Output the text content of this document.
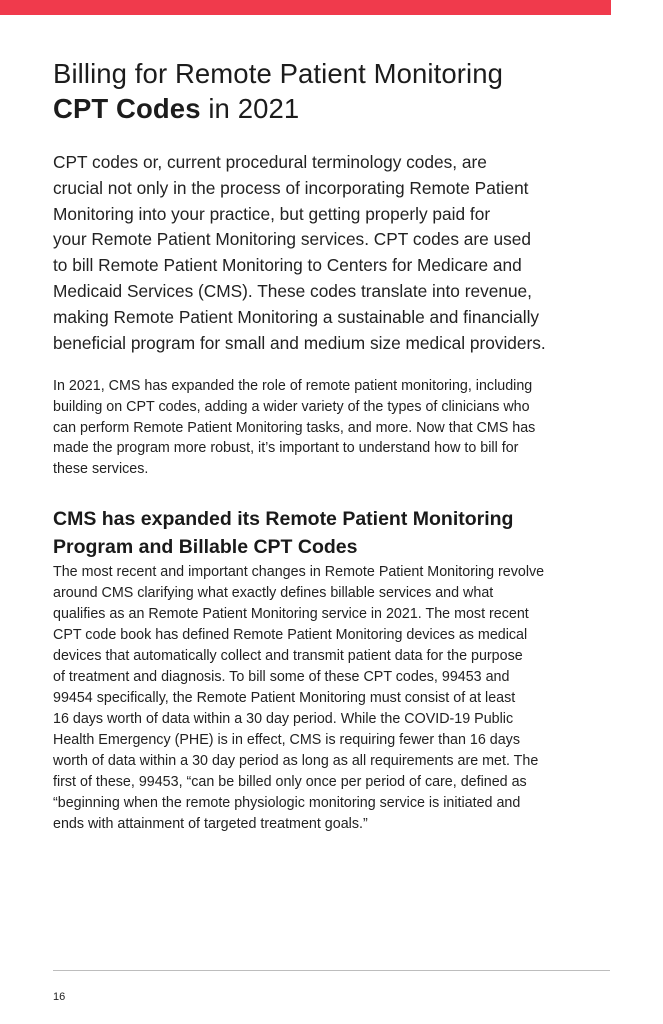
Billing for Remote Patient Monitoring
CPT Codes in 2021

CPT codes or, current procedural terminology codes, are
crucial not only in the process of incorporating Remote Patient
Monitoring into your practice, but getting properly paid for
your Remote Patient Monitoring services. CPT codes are used
to bill Remote Patient Monitoring to Centers for Medicare and
Medicaid Services (CMS). These codes translate into revenue,
making Remote Patient Monitoring a sustainable and financially
beneficial program for small and medium size medical providers.

In 2021, CMS has expanded the role of remote patient monitoring, including
building on CPT codes, adding a wider variety of the types of clinicians who
can perform Remote Patient Monitoring tasks, and more. Now that CMS has
made the program more robust, it’s important to understand how to bill for
these services.

CMS has expanded its Remote Patient Monitoring
Program and Billable CPT Codes

The most recent and important changes in Remote Patient Monitoring revolve
around CMS clarifying what exactly defines billable services and what
qualifies as an Remote Patient Monitoring service in 2021. The most recent
CPT code book has defined Remote Patient Monitoring devices as medical
devices that automatically collect and transmit patient data for the purpose
of treatment and diagnosis. To bill some of these CPT codes, 99453 and
99454 specifically, the Remote Patient Monitoring must consist of at least
16 days worth of data within a 30 day period. While the COVID-19 Public
Health Emergency (PHE) is in effect, CMS is requiring fewer than 16 days
worth of data within a 30 day period as long as all requirements are met. The
first of these, 99453, “can be billed only once per period of care, defined as
“beginning when the remote physiologic monitoring service is initiated and
ends with attainment of targeted treatment goals.”

16
